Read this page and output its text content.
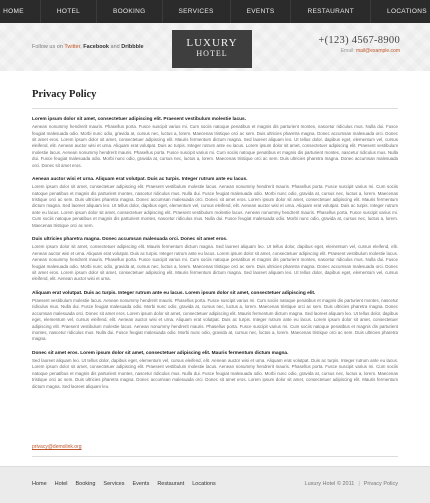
HOME	HOTEL	BOOKING	SERVICES	EVENTS	RESTAURANT	LOCATIONS
Follow us on Twitter, Facebook and Dribbble	LUXURY
HOTEL
+(123) 4567-8900
Email: mail@example.com
Privacy Policy
Lorem ipsum dolor sit amet, consectetuer adipiscing elit. Praesent vestibulum molestie lacus.

Aenean nonummy hendrerit mauris. Phasellus porta. Fusce suscipit varius mi. Cum sociis natoque penatibus et magnis dis parturient montes, nascetur ridiculus mus. Nulla dui. Fusce feugiat malesuada odio. Morbi nunc odio, gravida at, cursus nec, luctus a, lorem. Maecenas tristique orci ac sem. Duis ultricies pharetra magna. Donec accumsan malesuada orci. Donec sit amet eros. Lorem ipsum dolor sit amet, consectetuer adipiscing elit. Mauris fermentum dictum magna. Sed laoreet aliquam leo. Ut tellus dolor, dapibus eget, elementum vel, cursus eleifend, elit. Aenean auctor wisi et urna. Aliquam erat volutpat. Duis ac turpis. Integer rutrum ante eu lacus. Lorem ipsum dolor sit amet, consectetuer adipiscing elit. Praesent vestibulum molestie lacus. Aenean nonummy hendrerit mauris. Phasellus porta. Fusce suscipit varius mi. Cum sociis natoque penatibus et magnis dis parturient montes, nascetur ridiculus mus. Nulla dui. Fusce feugiat malesuada odio. Morbi nunc odio, gravida at, cursus nec, luctus a, lorem. Maecenas tristique orci ac sem. Duis ultricies pharetra magna. Donec accumsan malesuada orci. Donec sit amet eros.

Aenean auctor wisi et urna. Aliquam erat volutpat. Duis ac turpis. Integer rutrum ante eu lacus.

Lorem ipsum dolor sit amet, consectetuer adipiscing elit. Praesent vestibulum molestie lacus. Aenean nonummy hendrerit mauris. Phasellus porta. Fusce suscipit varius mi. Cum sociis natoque penatibus et magnis dis parturient montes, nascetur ridiculus mus. Nulla dui. Fusce feugiat malesuada odio. Morbi nunc odio, gravida at, cursus nec, luctus a, lorem. Maecenas tristique orci ac sem. Duis ultricies pharetra magna. Donec accumsan malesuada orci. Donec sit amet eros. Lorem ipsum dolor sit amet, consectetuer adipiscing elit. Mauris fermentum dictum magna. Sed laoreet aliquam leo. Ut tellus dolor, dapibus eget, elementum vel, cursus eleifend, elit. Aenean auctor wisi et urna. Aliquam erat volutpat. Duis ac turpis. Integer rutrum ante eu lacus. Lorem ipsum dolor sit amet, consectetuer adipiscing elit. Praesent vestibulum molestie lacus. Aenean nonummy hendrerit mauris. Phasellus porta. Fusce suscipit varius mi. Cum sociis natoque penatibus et magnis dis parturient montes, nascetur ridiculus mus. Nulla dui. Fusce feugiat malesuada odio. Morbi nunc odio, gravida at, cursus nec, luctus a, lorem. Maecenas tristique orci ac sem.

Duis ultricies pharetra magna. Donec accumsan malesuada orci. Donec sit amet eros.

Lorem ipsum dolor sit amet, consectetuer adipiscing elit. Mauris fermentum dictum magna. Sed laoreet aliquam leo. Ut tellus dolor, dapibus eget, elementum vel, cursus eleifend, elit. Aenean auctor wisi et urna. Aliquam erat volutpat. Duis ac turpis. Integer rutrum ante eu lacus. Lorem ipsum dolor sit amet, consectetuer adipiscing elit. Praesent vestibulum molestie lacus. Aenean nonummy hendrerit mauris. Phasellus porta. Fusce suscipit varius mi. Cum sociis natoque penatibus et magnis dis parturient montes, nascetur ridiculus mus. Nulla dui. Fusce feugiat malesuada odio. Morbi nunc odio, gravida at, cursus nec, luctus a, lorem. Maecenas tristique orci ac sem. Duis ultricies pharetra magna. Donec accumsan malesuada orci. Donec sit amet eros. Lorem ipsum dolor sit amet, consectetuer adipiscing elit. Mauris fermentum dictum magna. Sed laoreet aliquam leo. Ut tellus dolor, dapibus eget, elementum vel, cursus eleifend, elit. Aenean auctor wisi et urna.

Aliquam erat volutpat. Duis ac turpis. Integer rutrum ante eu lacus. Lorem ipsum dolor sit amet, consectetuer adipiscing elit.

Praesent vestibulum molestie lacus. Aenean nonummy hendrerit mauris. Phasellus porta. Fusce suscipit varius mi. Cum sociis natoque penatibus et magnis dis parturient montes, nascetur ridiculus mus. Nulla dui. Fusce feugiat malesuada odio. Morbi nunc odio, gravida at, cursus nec, luctus a, lorem. Maecenas tristique orci ac sem. Duis ultricies pharetra magna. Donec accumsan malesuada orci. Donec sit amet eros. Lorem ipsum dolor sit amet, consectetuer adipiscing elit. Mauris fermentum dictum magna. Sed laoreet aliquam leo. Ut tellus dolor, dapibus eget, elementum vel, cursus eleifend, elit. Aenean auctor wisi et urna. Aliquam erat volutpat. Duis ac turpis. Integer rutrum ante eu lacus. Lorem ipsum dolor sit amet, consectetuer adipiscing elit. Praesent vestibulum molestie lacus. Aenean nonummy hendrerit mauris. Phasellus porta. Fusce suscipit varius mi. Cum sociis natoque penatibus et magnis dis parturient montes, nascetur ridiculus mus. Nulla dui. Fusce feugiat malesuada odio. Morbi nunc odio, gravida at, cursus nec, luctus a, lorem. Maecenas tristique orci ac sem. Duis ultricies pharetra magna.

Donec sit amet eros. Lorem ipsum dolor sit amet, consectetuer adipiscing elit. Mauris fermentum dictum magna.

Sed laoreet aliquam leo. Ut tellus dolor, dapibus eget, elementum vel, cursus eleifend, elit. Aenean auctor wisi et urna. Aliquam erat volutpat. Duis ac turpis. Integer rutrum ante eu lacus. Lorem ipsum dolor sit amet, consectetuer adipiscing elit. Praesent vestibulum molestie lacus. Aenean nonummy hendrerit mauris. Phasellus porta. Fusce suscipit varius mi. Cum sociis natoque penatibus et magnis dis parturient montes, nascetur ridiculus mus. Nulla dui. Fusce feugiat malesuada odio. Morbi nunc odio, gravida at, cursus nec, luctus a, lorem. Maecenas tristique orci ac sem. Duis ultricies pharetra magna. Donec accumsan malesuada orci. Donec sit amet eros. Lorem ipsum dolor sit amet, consectetuer adipiscing elit. Mauris fermentum dictum magna. Sed laoreet aliquam leo.

privacy@demolink.org
Home Hotel Booking Services Events Restaurant Locations	Luxury Hotel © 2011 | Privacy Policy
